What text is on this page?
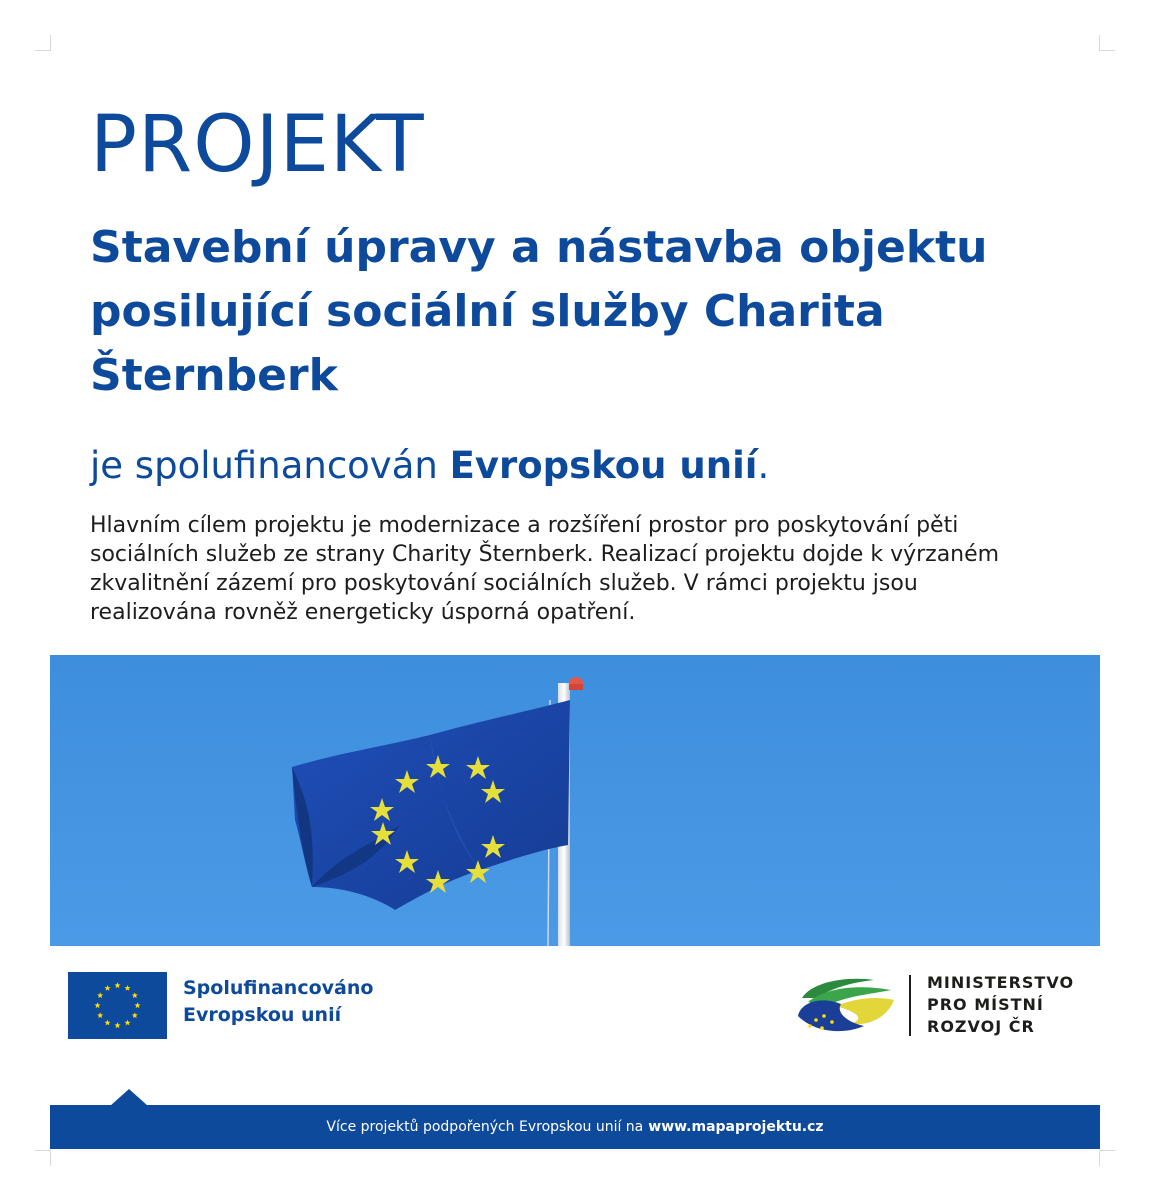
PROJEKT
Stavební úpravy a nástavba objektu posilující sociální služby Charita Šternberk
je spolufinancován Evropskou unií.

Hlavním cílem projektu je modernizace a rozšíření prostor pro poskytování pěti sociálních služeb ze strany Charity Šternberk. Realizací projektu dojde k výrzaném zkvalitnění zázemí pro poskytování sociálních služeb. V rámci projektu jsou realizována rovněž energeticky úsporná opatření.

Spolufinancováno
Evropskou unií
MINISTERSTVO
PRO MÍSTNÍ
ROZVOJ ČR
Více projektů podpořených Evropskou unií na www.mapaprojektu.cz
